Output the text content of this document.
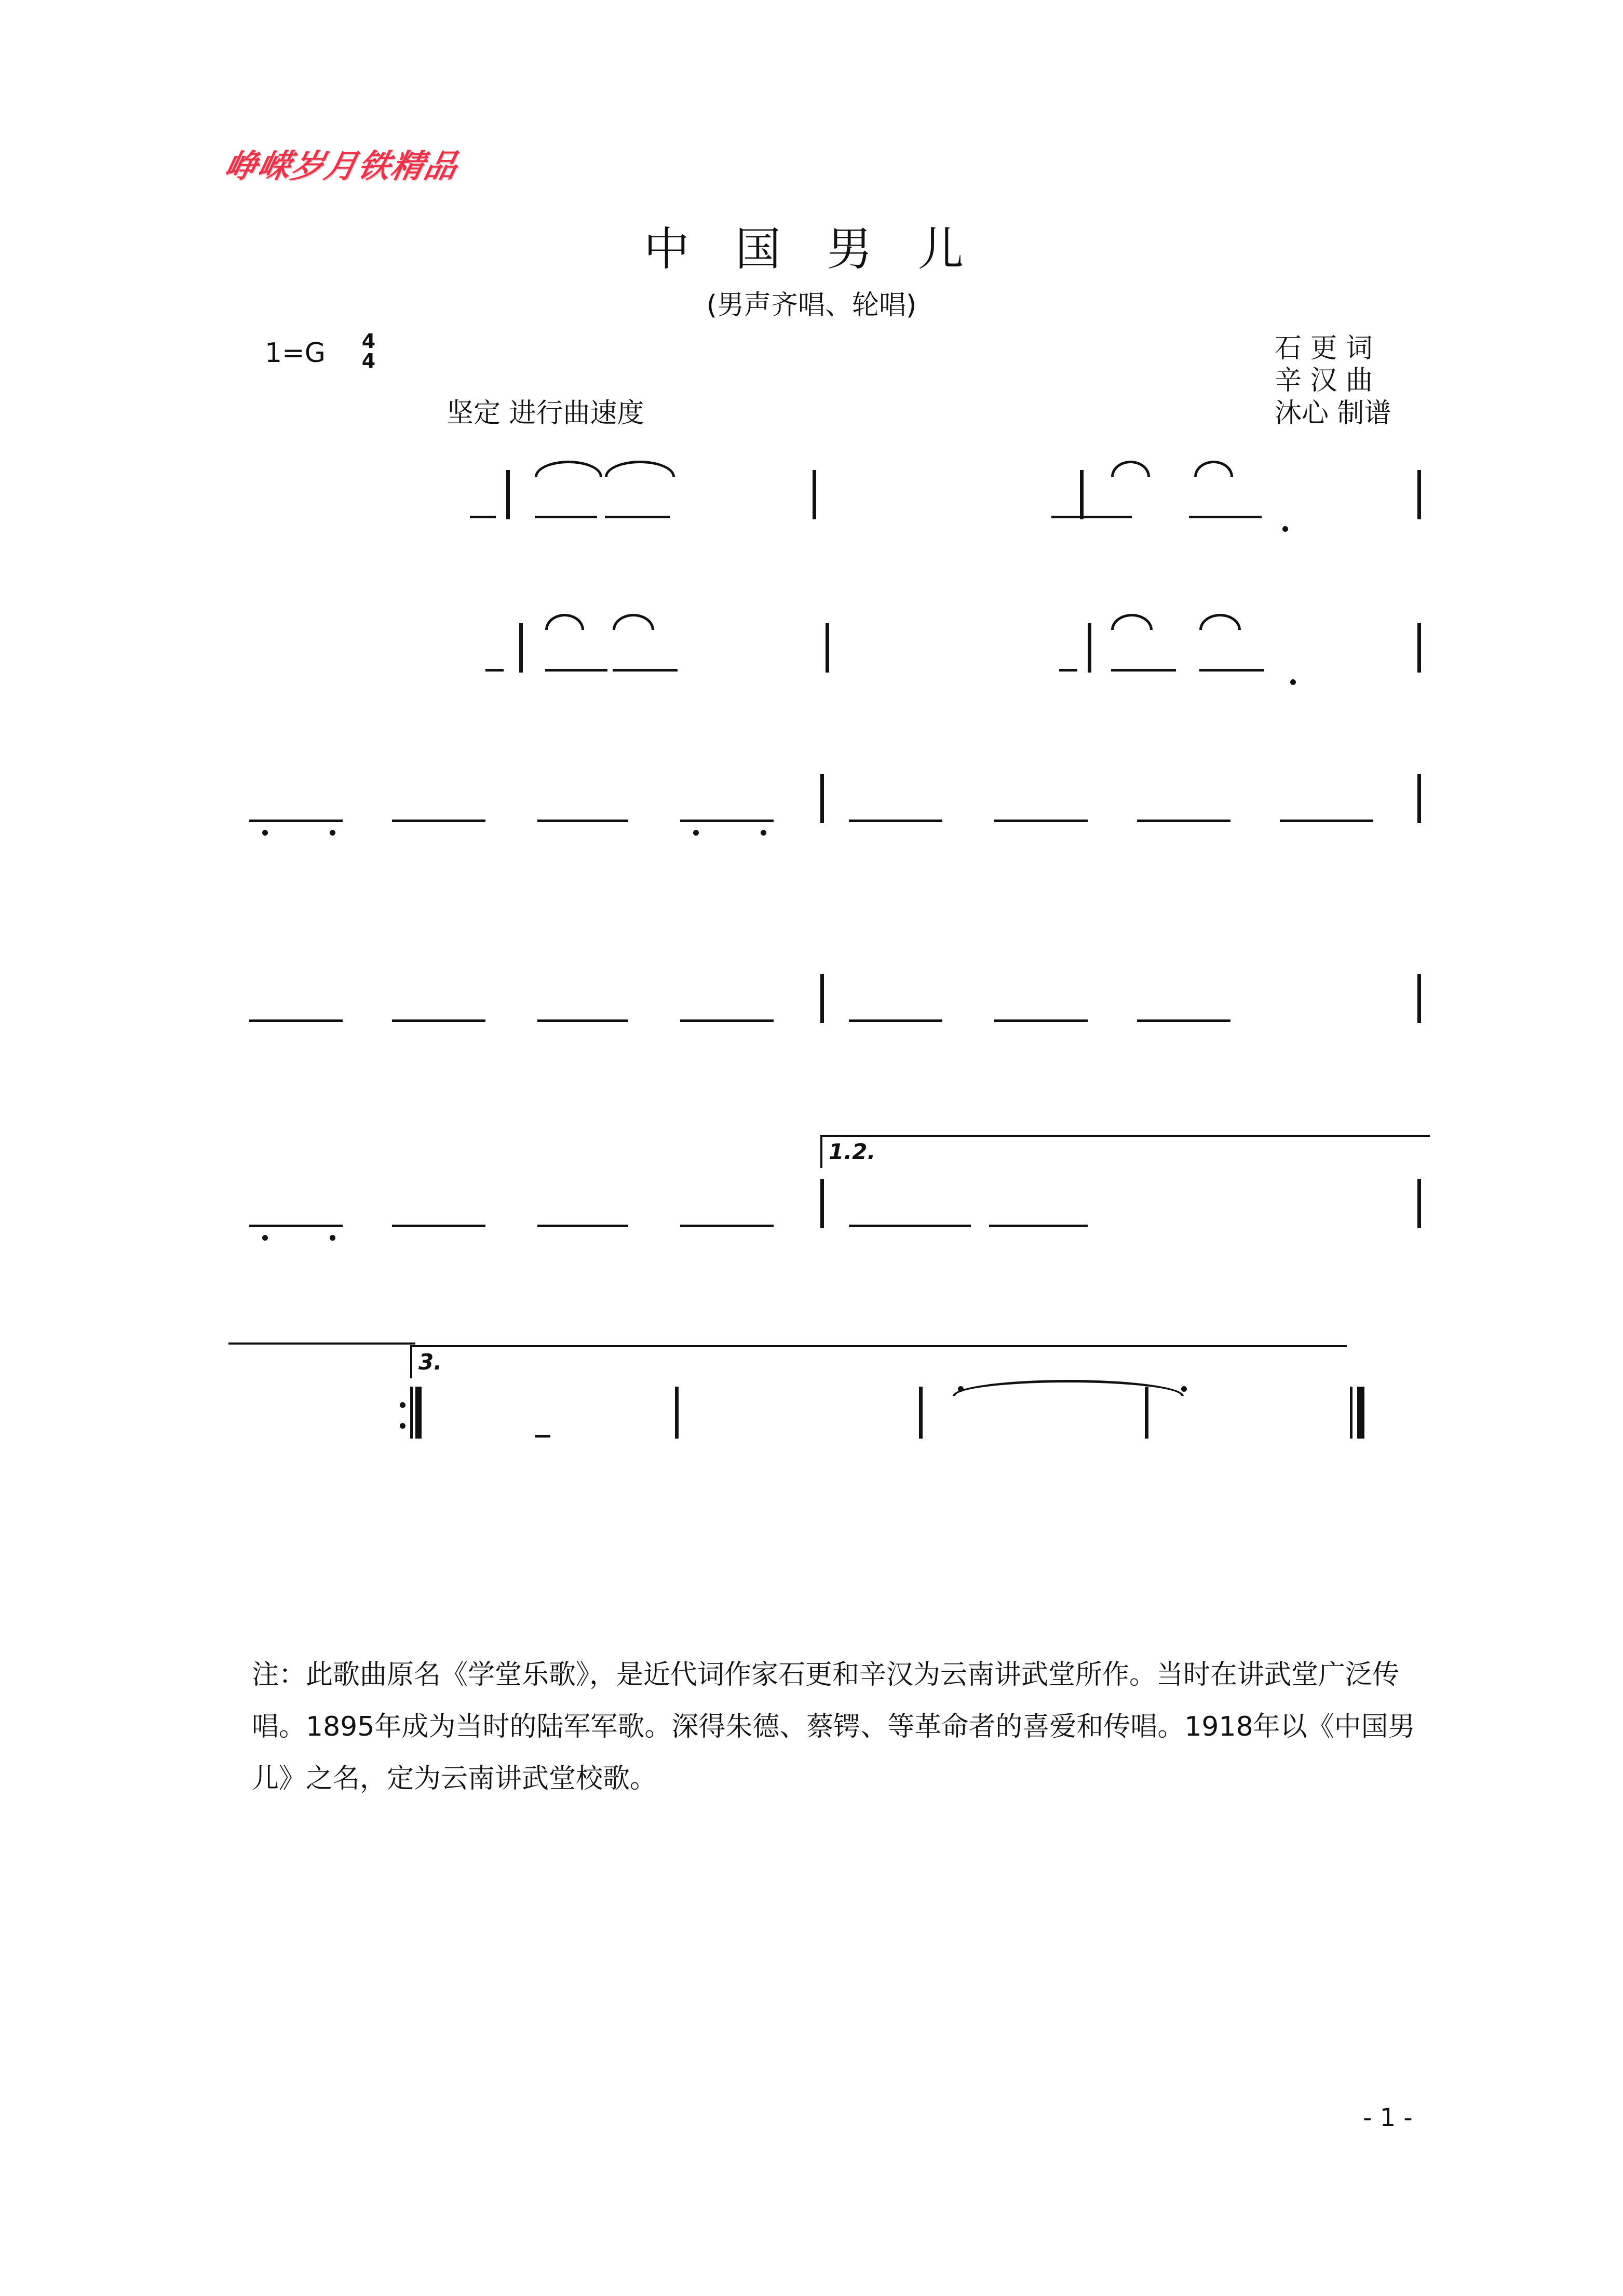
峥嵘岁月铁精品
中 国 男 儿
(男声齐唱、轮唱)
1=G 4
4	石 更 词
辛 汉 曲
沐心 制谱
坚定 进行曲速度
1.2.
3.
注：此歌曲原名《学堂乐歌》，是近代词作家石更和辛汉为云南讲武堂所作。当时在讲武堂广泛传唱。1895年成为当时的陆军军歌。深得朱德、蔡锷、等革命者的喜爱和传唱。1918年以《中国男儿》之名，定为云南讲武堂校歌。
- 1 -
